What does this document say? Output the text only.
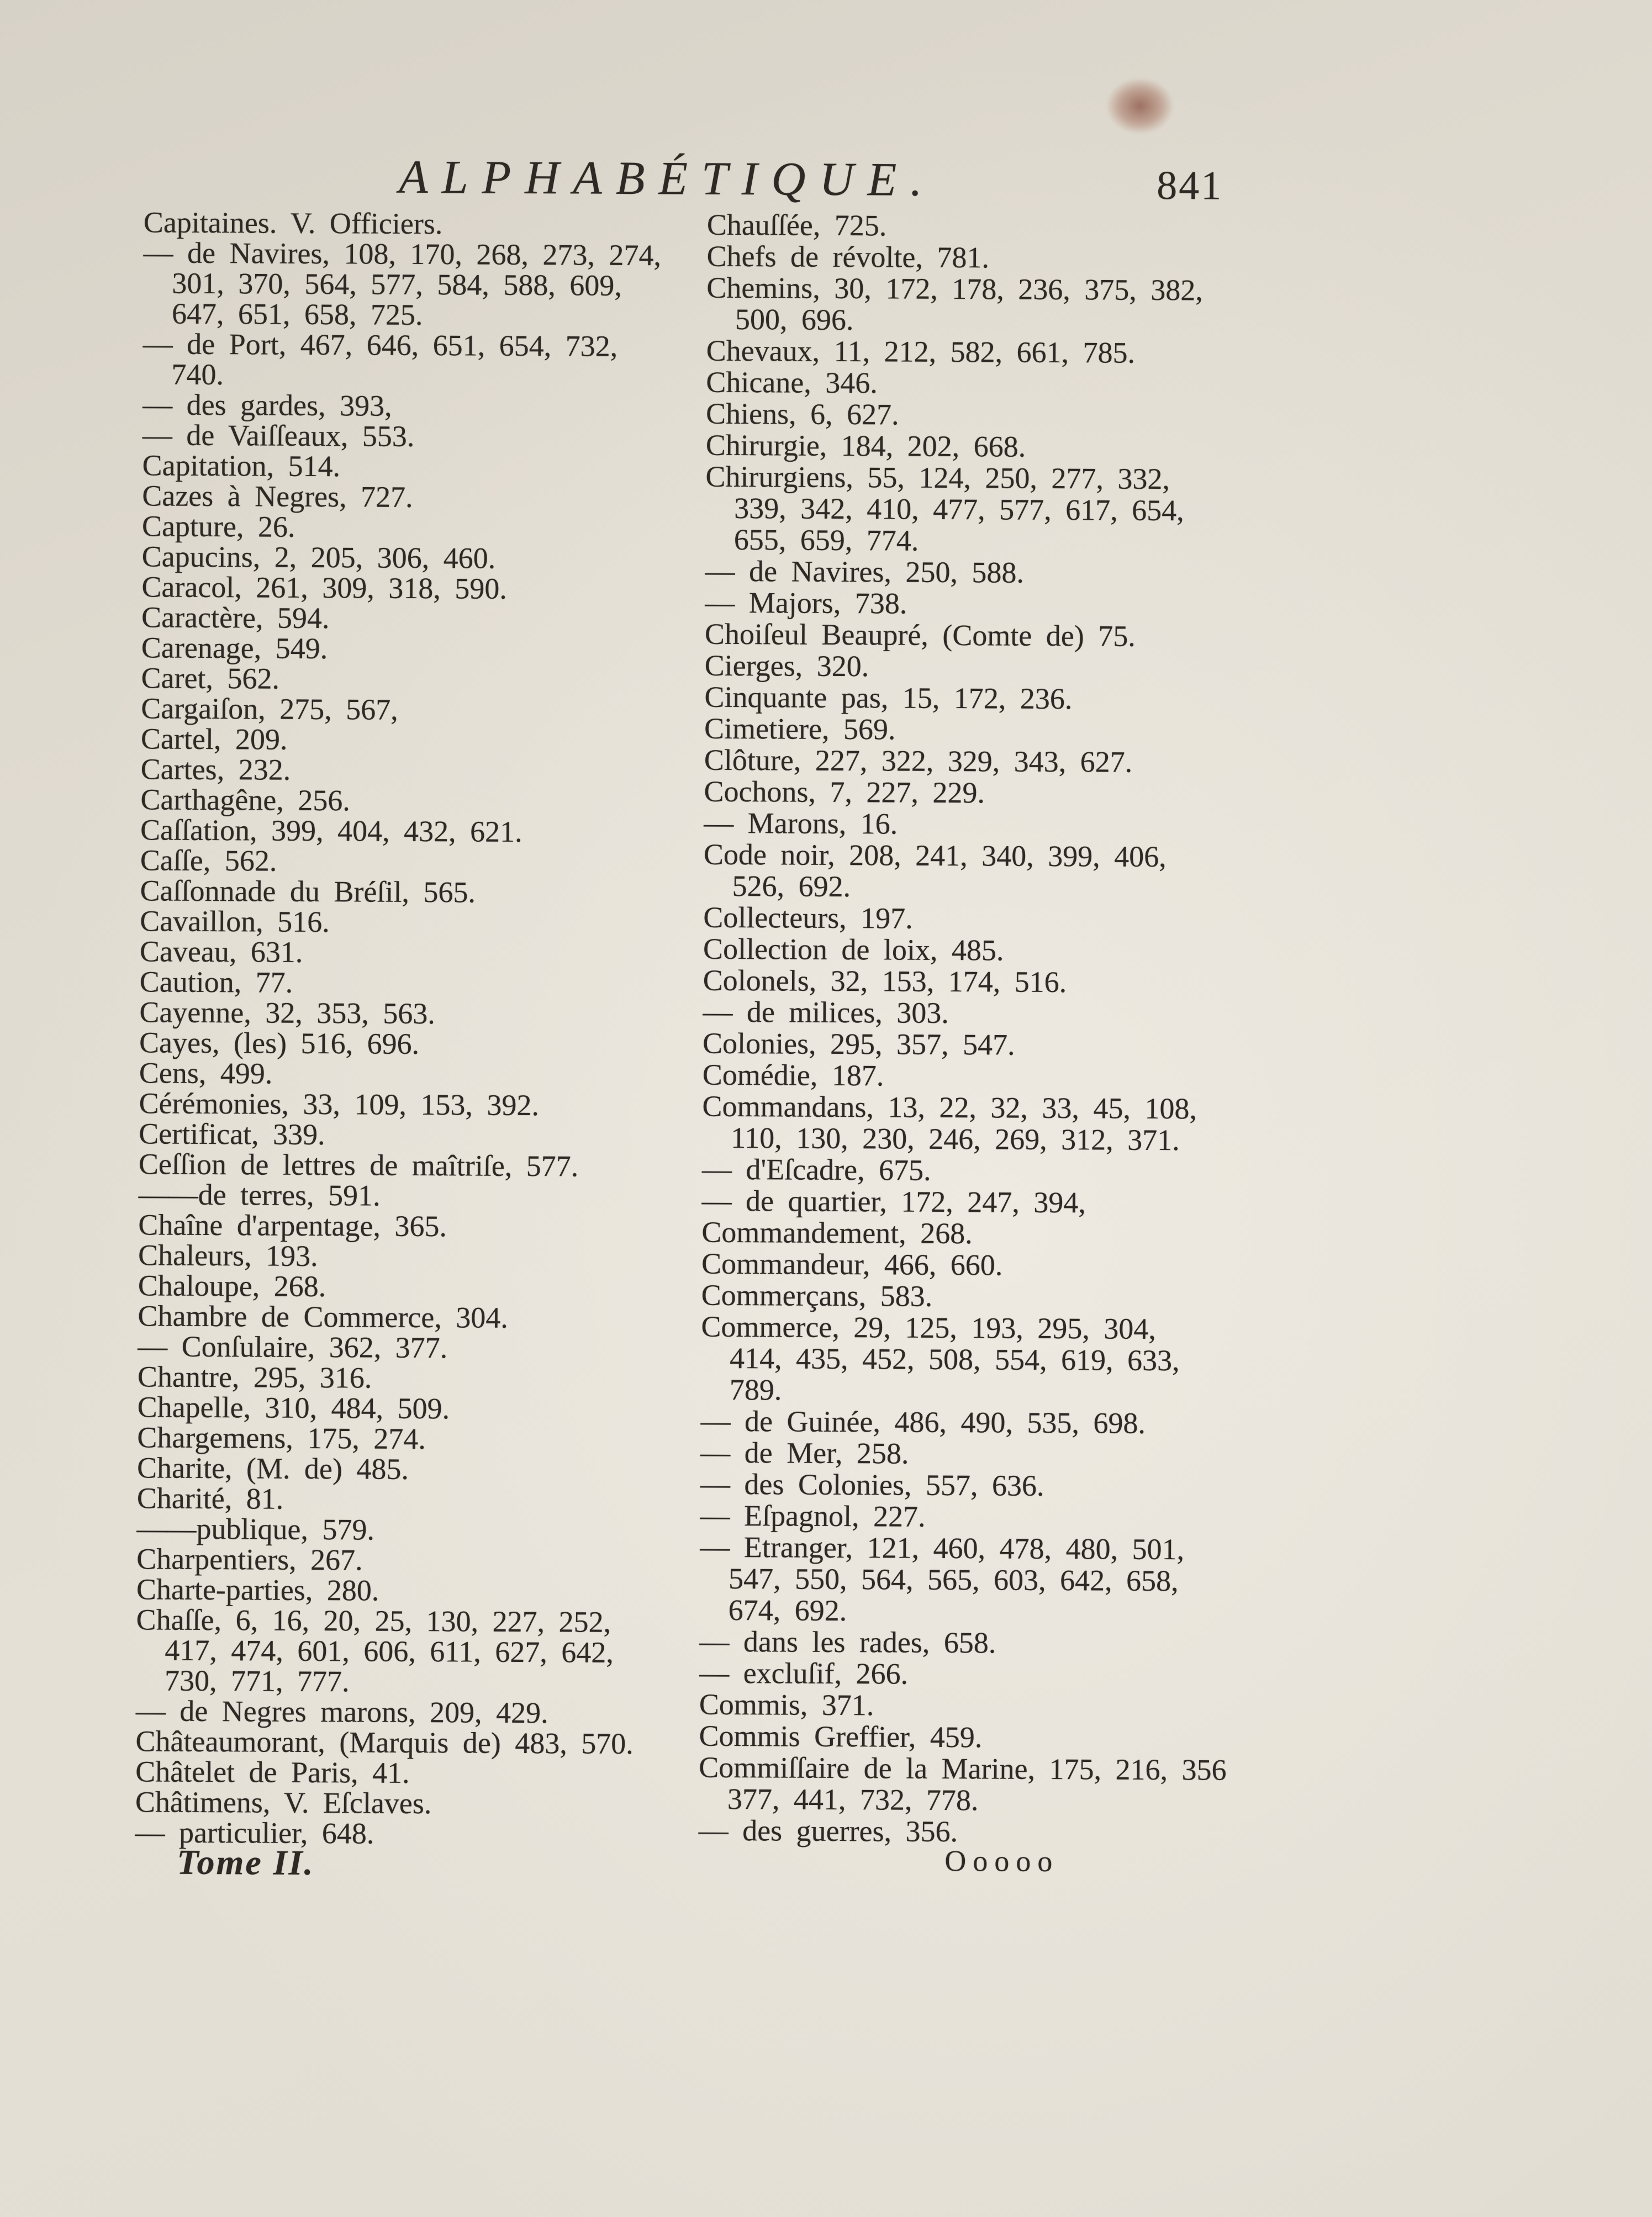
ALPHABÉTIQUE.	841
Capitaines. V. Officiers.
— de Navires, 108, 170, 268, 273, 274,
301, 370, 564, 577, 584, 588, 609,
647, 651, 658, 725.
— de Port, 467, 646, 651, 654, 732,
740.
— des gardes, 393,
— de Vaiſſeaux, 553.
Capitation, 514.
Cazes à Negres, 727.
Capture, 26.
Capucins, 2, 205, 306, 460.
Caracol, 261, 309, 318, 590.
Caractère, 594.
Carenage, 549.
Caret, 562.
Cargaiſon, 275, 567,
Cartel, 209.
Cartes, 232.
Carthagêne, 256.
Caſſation, 399, 404, 432, 621.
Caſſe, 562.
Caſſonnade du Bréſil, 565.
Cavaillon, 516.
Caveau, 631.
Caution, 77.
Cayenne, 32, 353, 563.
Cayes, (les) 516, 696.
Cens, 499.
Cérémonies, 33, 109, 153, 392.
Certificat, 339.
Ceſſion de lettres de maîtriſe, 577.
——de terres, 591.
Chaîne d'arpentage, 365.
Chaleurs, 193.
Chaloupe, 268.
Chambre de Commerce, 304.
— Conſulaire, 362, 377.
Chantre, 295, 316.
Chapelle, 310, 484, 509.
Chargemens, 175, 274.
Charite, (M. de) 485.
Charité, 81.
——publique, 579.
Charpentiers, 267.
Charte-parties, 280.
Chaſſe, 6, 16, 20, 25, 130, 227, 252,
417, 474, 601, 606, 611, 627, 642,
730, 771, 777.
— de Negres marons, 209, 429.
Châteaumorant, (Marquis de) 483, 570.
Châtelet de Paris, 41.
Châtimens, V. Eſclaves.
— particulier, 648.
Chauſſée, 725.
Chefs de révolte, 781.
Chemins, 30, 172, 178, 236, 375, 382,
500, 696.
Chevaux, 11, 212, 582, 661, 785.
Chicane, 346.
Chiens, 6, 627.
Chirurgie, 184, 202, 668.
Chirurgiens, 55, 124, 250, 277, 332,
339, 342, 410, 477, 577, 617, 654,
655, 659, 774.
— de Navires, 250, 588.
— Majors, 738.
Choiſeul Beaupré, (Comte de) 75.
Cierges, 320.
Cinquante pas, 15, 172, 236.
Cimetiere, 569.
Clôture, 227, 322, 329, 343, 627.
Cochons, 7, 227, 229.
— Marons, 16.
Code noir, 208, 241, 340, 399, 406,
526, 692.
Collecteurs, 197.
Collection de loix, 485.
Colonels, 32, 153, 174, 516.
— de milices, 303.
Colonies, 295, 357, 547.
Comédie, 187.
Commandans, 13, 22, 32, 33, 45, 108,
110, 130, 230, 246, 269, 312, 371.
— d'Eſcadre, 675.
— de quartier, 172, 247, 394,
Commandement, 268.
Commandeur, 466, 660.
Commerçans, 583.
Commerce, 29, 125, 193, 295, 304,
414, 435, 452, 508, 554, 619, 633,
789.
— de Guinée, 486, 490, 535, 698.
— de Mer, 258.
— des Colonies, 557, 636.
— Eſpagnol, 227.
— Etranger, 121, 460, 478, 480, 501,
547, 550, 564, 565, 603, 642, 658,
674, 692.
— dans les rades, 658.
— excluſif, 266.
Commis, 371.
Commis Greffier, 459.
Commiſſaire de la Marine, 175, 216, 356
377, 441, 732, 778.
— des guerres, 356.
Tome II.	Ooooo
